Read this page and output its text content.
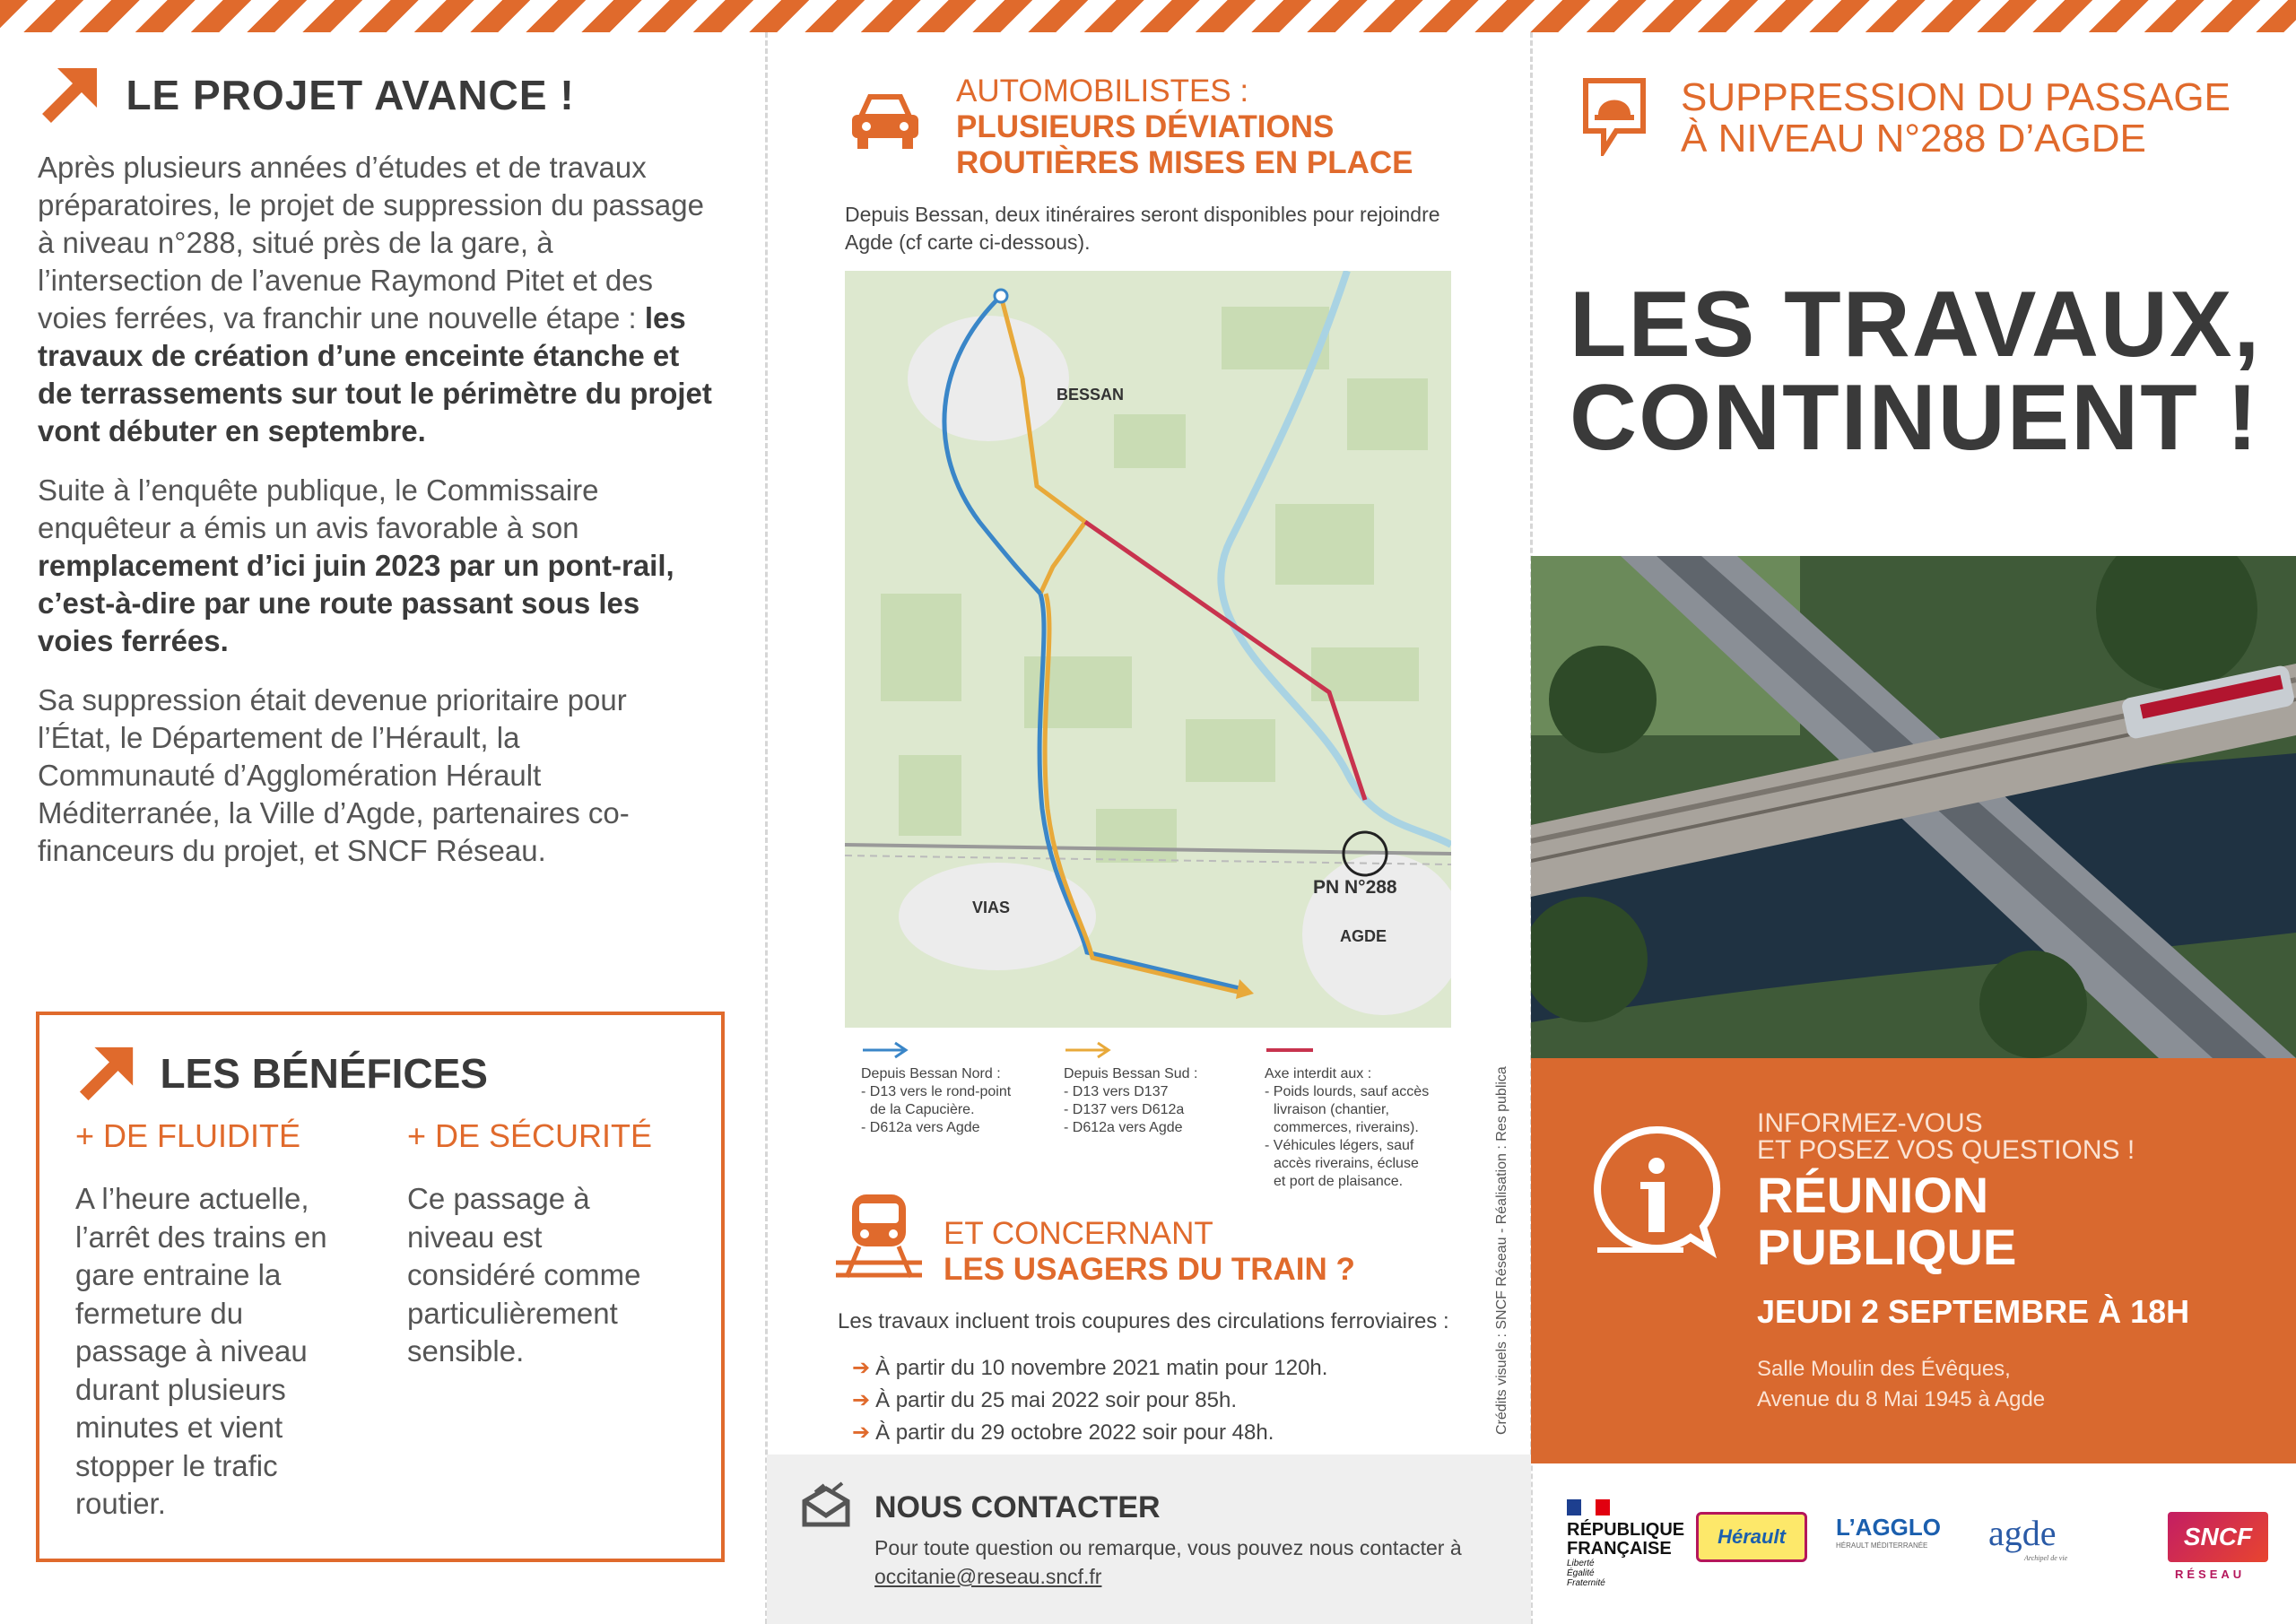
LE PROJET AVANCE !

Après plusieurs années d’études et de travaux préparatoires, le projet de suppression du passage à niveau n°288, situé près de la gare, à l’intersection de l’avenue Raymond Pitet et des voies ferrées, va franchir une nouvelle étape : les travaux de création d’une enceinte étanche et de terrassements sur tout le périmètre du projet vont débuter en septembre.

Suite à l’enquête publique, le Commissaire enquêteur a émis un avis favorable à son remplacement d’ici juin 2023 par un pont-rail, c’est-à-dire par une route passant sous les voies ferrées.

Sa suppression était devenue prioritaire pour l’État, le Département de l’Hérault, la Communauté d’Agglomération Hérault Méditerranée, la Ville d’Agde, partenaires co-financeurs du projet, et SNCF Réseau.

LES BÉNÉFICES
+ DE FLUIDITÉ
A l’heure actuelle, l’arrêt des trains en gare entraine la fermeture du passage à niveau durant plusieurs minutes et vient stopper le trafic routier.
+ DE SÉCURITÉ
Ce passage à niveau est considéré comme particulièrement sensible.
AUTOMOBILISTES :
PLUSIEURS DÉVIATIONS
ROUTIÈRES MISES EN PLACE

Depuis Bessan, deux itinéraires seront disponibles pour rejoindre Agde (cf carte ci-dessous).

BESSAN
VIAS
AGDE
PN N°288
Depuis Bessan Nord :
- D13 vers le rond-point
de la Capucière.
- D612a vers Agde
Depuis Bessan Sud :
- D13 vers D137
- D137 vers D612a
- D612a vers Agde
Axe interdit aux :
- Poids lourds, sauf accès
livraison (chantier,
commerces, riverains).
- Véhicules légers, sauf
accès riverains, écluse
et port de plaisance.
ET CONCERNANT
LES USAGERS DU TRAIN ?

Les travaux incluent trois coupures des circulations ferroviaires :

➔ À partir du 10 novembre 2021 matin pour 120h.
➔ À partir du 25 mai 2022 soir pour 85h.
➔ À partir du 29 octobre 2022 soir pour 48h.
NOUS CONTACTER
Pour toute question ou remarque, vous pouvez nous contacter à occitanie@reseau.sncf.fr
Crédits visuels : SNCF Réseau - Réalisation : Res publica
SUPPRESSION DU PASSAGE
À NIVEAU N°288 D’AGDE
LES TRAVAUX,
CONTINUENT !
INFORMEZ-VOUS
ET POSEZ VOS QUESTIONS !
RÉUNION
PUBLIQUE
JEUDI 2 SEPTEMBRE À 18H
Salle Moulin des Évêques,
Avenue du 8 Mai 1945 à Agde
RÉPUBLIQUE
FRANÇAISE
Liberté
Égalité
Fraternité
Hérault	L’AGGLO
HÉRAULT MÉDITERRANÉE	agde
Archipel de vie
SNCF
RÉSEAU
